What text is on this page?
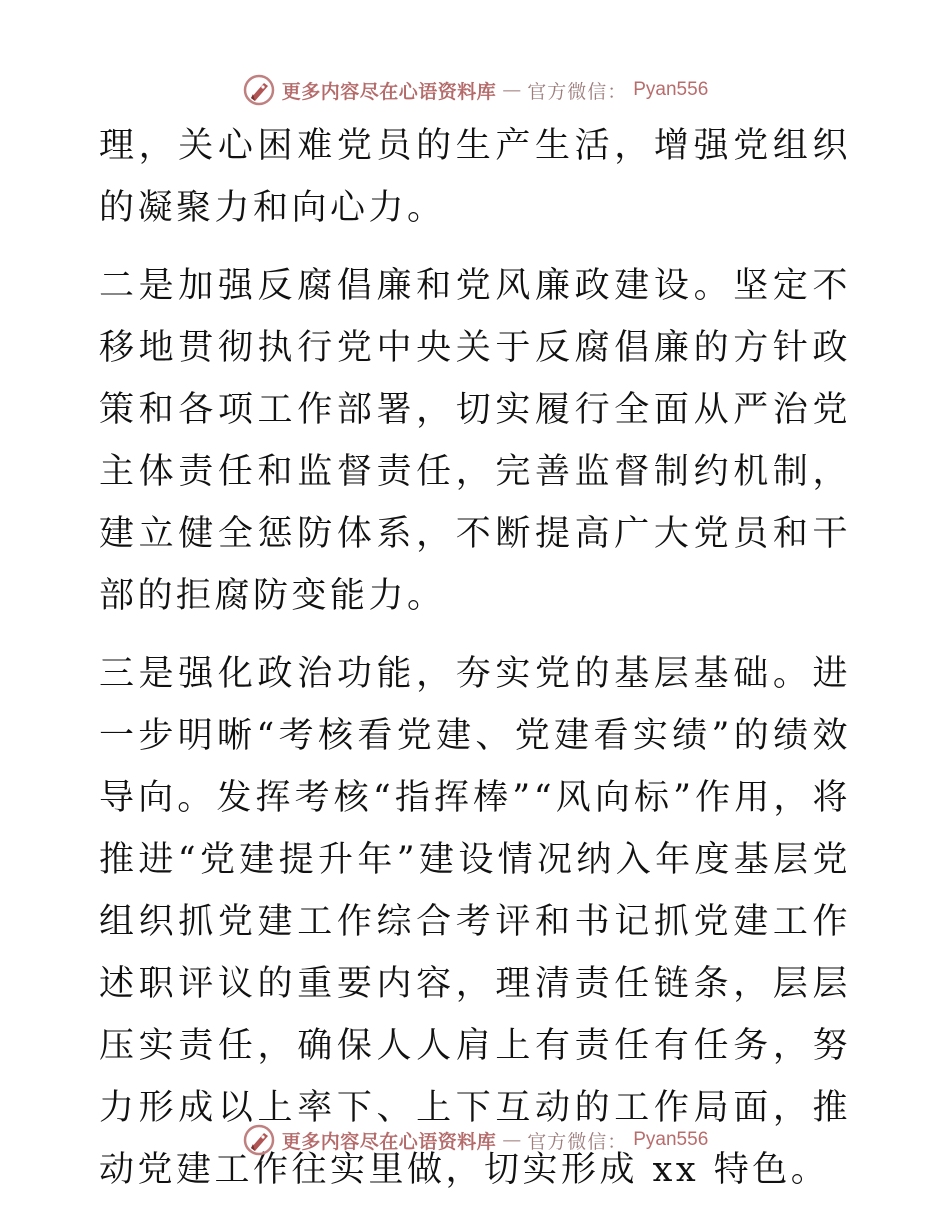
更多内容尽在心语资料库 — 官方微信： Pyan556

理，关心困难党员的生产生活，增强党组织的凝聚力和向心力。

二是加强反腐倡廉和党风廉政建设。坚定不移地贯彻执行党中央关于反腐倡廉的方针政策和各项工作部署，切实履行全面从严治党主体责任和监督责任，完善监督制约机制，建立健全惩防体系，不断提高广大党员和干部的拒腐防变能力。

三是强化政治功能，夯实党的基层基础。进一步明晰“考核看党建、党建看实绩”的绩效导向。发挥考核“指挥棒”“风向标”作用，将推进“党建提升年”建设情况纳入年度基层党组织抓党建工作综合考评和书记抓党建工作述职评议的重要内容，理清责任链条，层层压实责任，确保人人肩上有责任有任务，努力形成以上率下、上下互动的工作局面，推动党建工作往实里做，切实形成 xx 特色。

更多内容尽在心语资料库 — 官方微信： Pyan556
